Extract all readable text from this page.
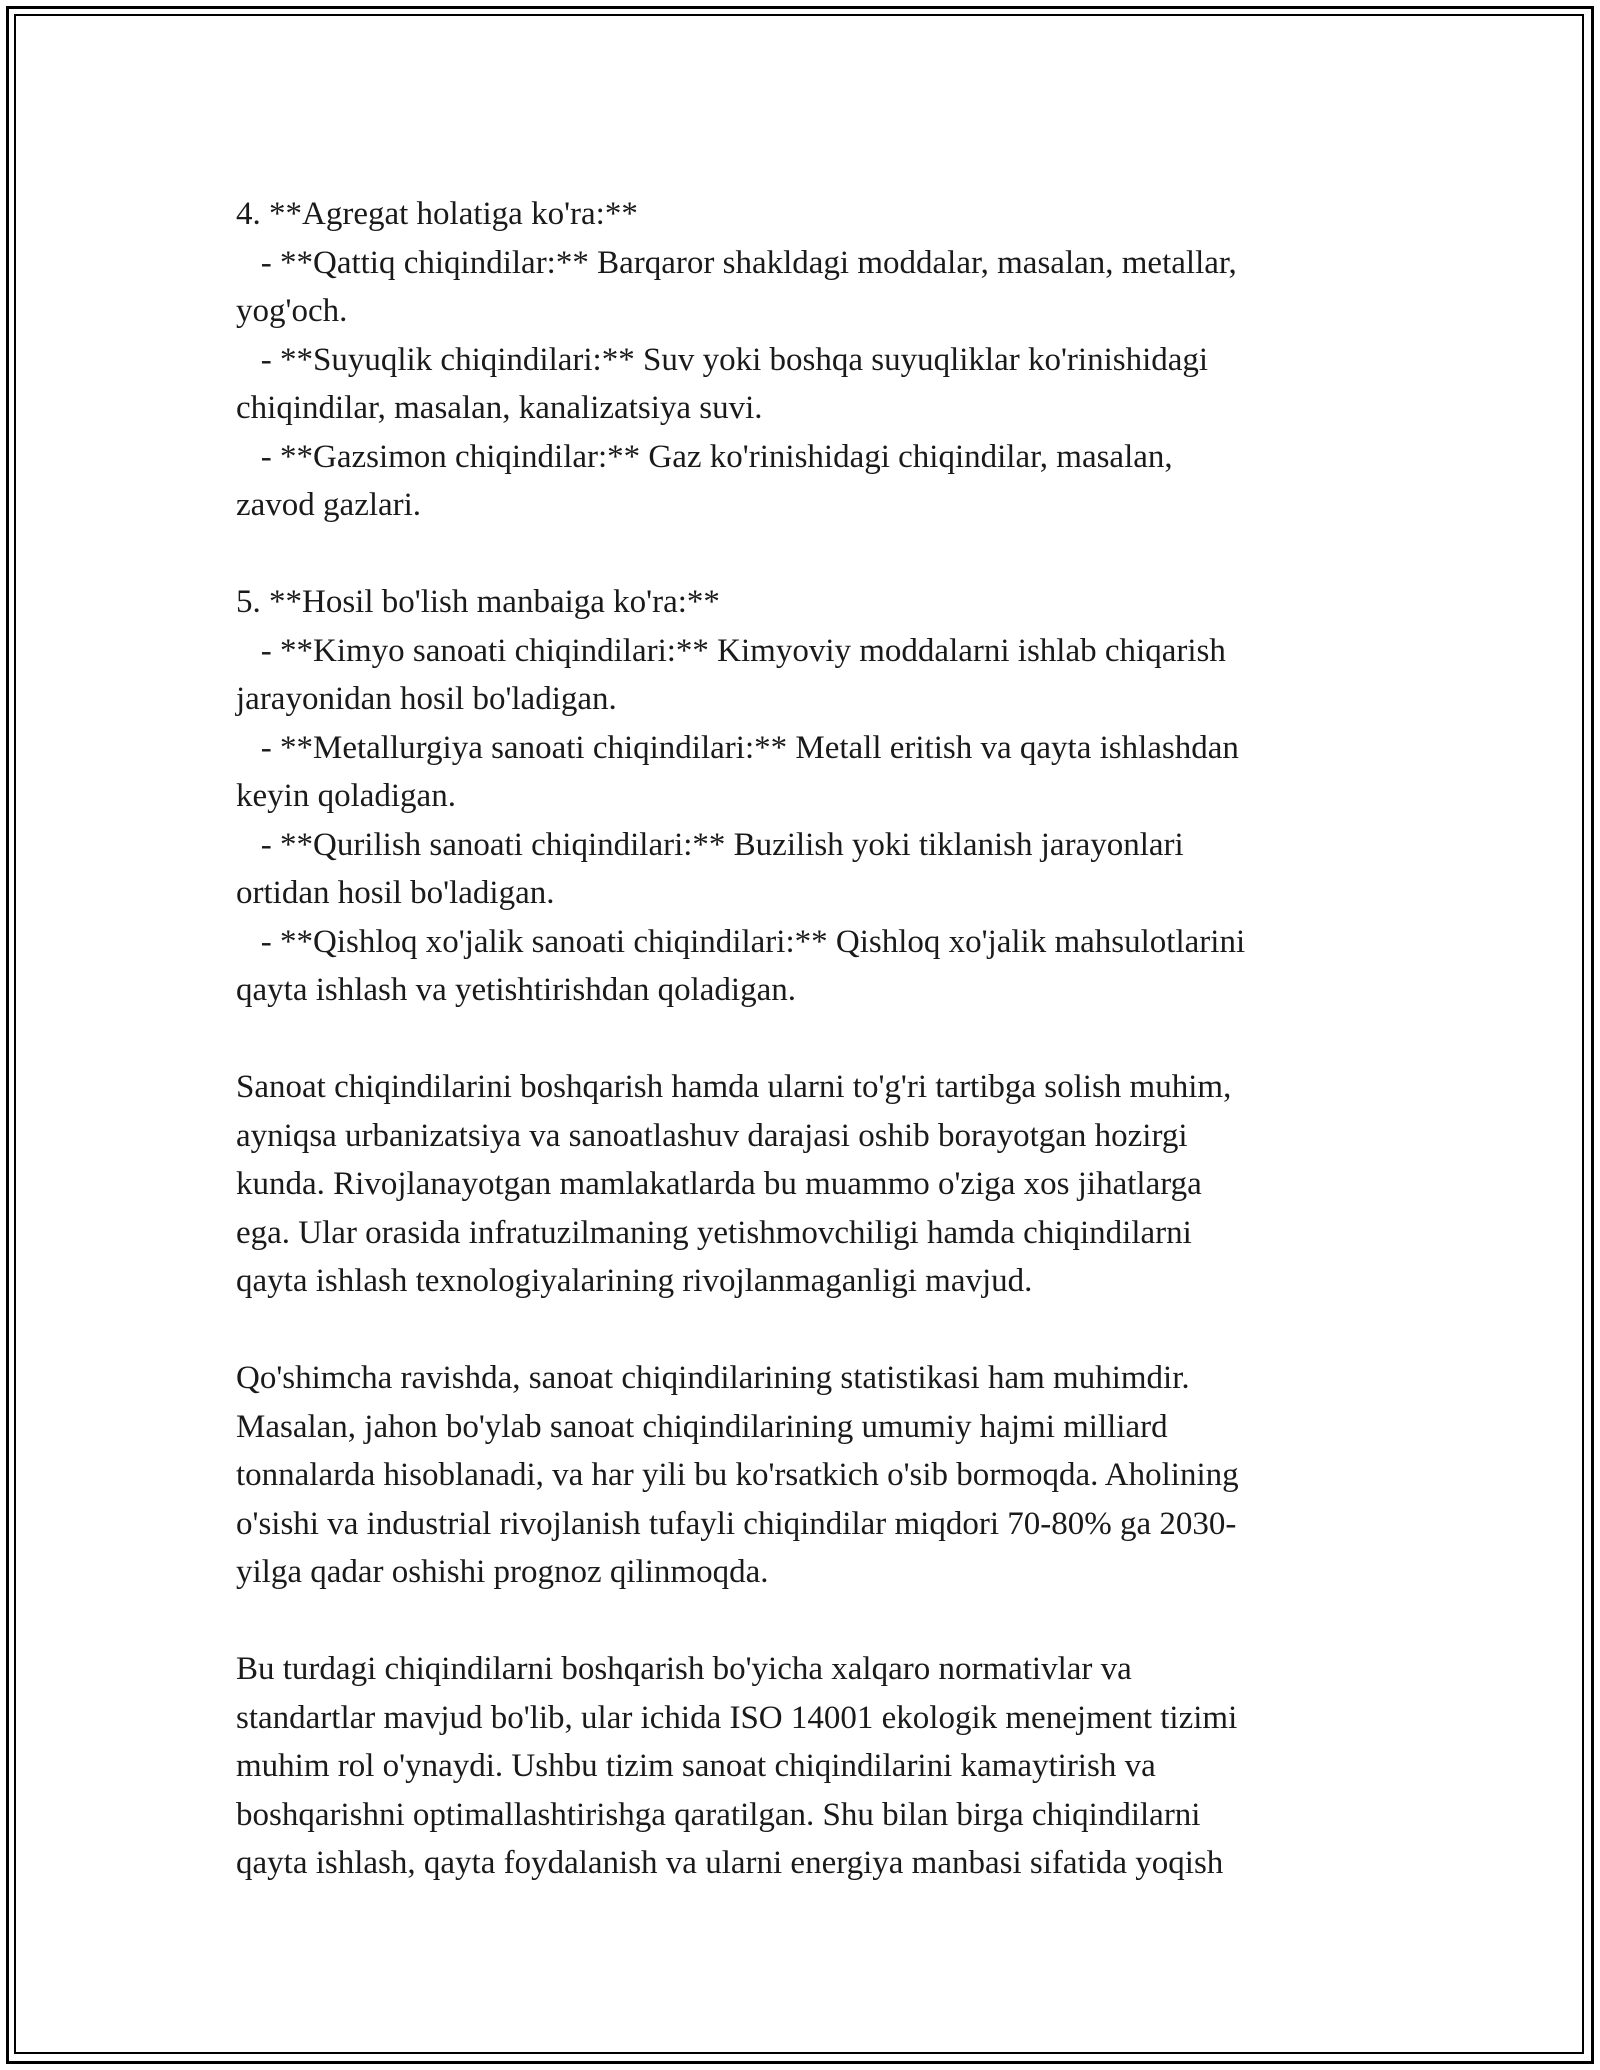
4. **Agregat holatiga ko'ra:**
- **Qattiq chiqindilar:** Barqaror shakldagi moddalar, masalan, metallar,
yog'och.
- **Suyuqlik chiqindilari:** Suv yoki boshqa suyuqliklar ko'rinishidagi
chiqindilar, masalan, kanalizatsiya suvi.
- **Gazsimon chiqindilar:** Gaz ko'rinishidagi chiqindilar, masalan,
zavod gazlari.
5. **Hosil bo'lish manbaiga ko'ra:**
- **Kimyo sanoati chiqindilari:** Kimyoviy moddalarni ishlab chiqarish
jarayonidan hosil bo'ladigan.
- **Metallurgiya sanoati chiqindilari:** Metall eritish va qayta ishlashdan
keyin qoladigan.
- **Qurilish sanoati chiqindilari:** Buzilish yoki tiklanish jarayonlari
ortidan hosil bo'ladigan.
- **Qishloq xo'jalik sanoati chiqindilari:** Qishloq xo'jalik mahsulotlarini
qayta ishlash va yetishtirishdan qoladigan.
Sanoat chiqindilarini boshqarish hamda ularni to'g'ri tartibga solish muhim,
ayniqsa urbanizatsiya va sanoatlashuv darajasi oshib borayotgan hozirgi
kunda. Rivojlanayotgan mamlakatlarda bu muammo o'ziga xos jihatlarga
ega. Ular orasida infratuzilmaning yetishmovchiligi hamda chiqindilarni
qayta ishlash texnologiyalarining rivojlanmaganligi mavjud.
Qo'shimcha ravishda, sanoat chiqindilarining statistikasi ham muhimdir.
Masalan, jahon bo'ylab sanoat chiqindilarining umumiy hajmi milliard
tonnalarda hisoblanadi, va har yili bu ko'rsatkich o'sib bormoqda. Aholining
o'sishi va industrial rivojlanish tufayli chiqindilar miqdori 70-80% ga 2030-
yilga qadar oshishi prognoz qilinmoqda.
Bu turdagi chiqindilarni boshqarish bo'yicha xalqaro normativlar va
standartlar mavjud bo'lib, ular ichida ISO 14001 ekologik menejment tizimi
muhim rol o'ynaydi. Ushbu tizim sanoat chiqindilarini kamaytirish va
boshqarishni optimallashtirishga qaratilgan. Shu bilan birga chiqindilarni
qayta ishlash, qayta foydalanish va ularni energiya manbasi sifatida yoqish
